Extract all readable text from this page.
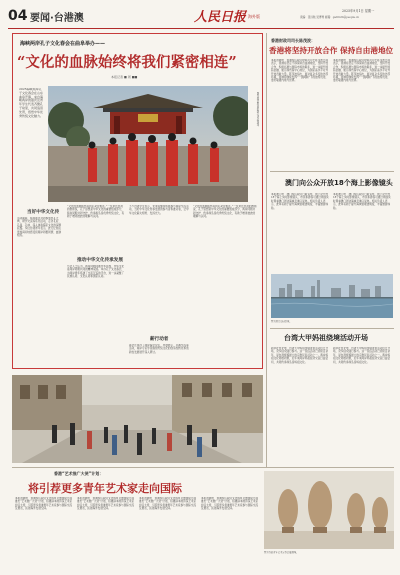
04 要闻·台港澳	人民日报 海外版
2025年9月1日 星期一
责编：张远航 吴博昂 邮箱：gatrmrb@people.cn
海峡两岸孔子文化春会在曲阜举办——
“文化的血脉始终将我们紧密相连”
本报记者 ■ 周 ■■
2025海峡两岸孔子文化春会在山东曲阜开幕，来自海峡两岸的嘉宾及青年学生代表齐聚孔子故里，共同追思先贤，感悟中华优秀传统文化魅力。	图为春会期间的祭孔活动现场。
当好中华文化传
活动期间，两岸嘉宾共同参加祭孔大典、研学交流等系列活动，走访孔府、孔庙、孔林，深入体验儒家文化的深厚底蕴。多位台湾青年表示，此行让他们更加真切地感受到两岸同根同源、血脉相连。
“文化的血脉始终将我们紧密相连。”一位来自台湾的教师说，孔子思想是中华文化的重要组成部分，两岸同胞共同守护、传承和弘扬优秀传统文化，有助于增进彼此的理解与认同。
推动中华文化传承发展
与会人士认为，两岸同胞同属中华民族，中华文化是两岸同胞共同的精神家园。举办孔子文化春会，为两岸青年搭建了交流互鉴的平台，进一步凝聚了民族认同、文化认同和国家认同。
不少台湾学生表示，未来将继续积极参与两岸交流活动，当好中华文化传承发展的参与者和推动者，让中华文化薪火相传、发扬光大。
薪行动者
春会还举办了两岸儒学论坛、非遗展示、书画交流等活动，两岸专家学者围绕传统文化的创造性转化和创新性发展展开深入研讨。
“文化的血脉始终将我们紧密相连。”一位来自台湾的教师说，孔子思想是中华文化的重要组成部分，两岸同胞共同守护、传承和弘扬优秀传统文化，有助于增进彼此的理解与认同。
香港财政司司长陈茂波：
香港将坚持开放合作 保持自由港地位
本报香港电　香港特区政府财政司司长陈茂波日前表示，香港将坚定不移保持自由港地位，坚持开放合作，积极拓展与国际市场的联系，进一步提升国际金融、航运和贸易中心地位，为国家高水平对外开放贡献力量。陈茂波指出，面对复杂多变的外部环境，香港将继续发挥“一国两制”下的独特优势，更好联通内地与世界。
本报香港电　香港特区政府财政司司长陈茂波日前表示，香港将坚定不移保持自由港地位，坚持开放合作，积极拓展与国际市场的联系，进一步提升国际金融、航运和贸易中心地位，为国家高水平对外开放贡献力量。陈茂波指出，面对复杂多变的外部环境，香港将继续发挥“一国两制”下的独特优势，更好联通内地与世界。
澳门向公众开放18个海上影像镜头
本报澳门电　澳门特区政府日前宣布，向公众开放18个海上实时影像镜头，市民和游客可通过网络实时观看澳门周边海域及港口景象。相关负责人表示，此举有助于提升海域管理透明度，丰富旅游体验。
本报澳门电　澳门特区政府日前宣布，向公众开放18个海上实时影像镜头，市民和游客可通过网络实时观看澳门周边海域及港口景象。相关负责人表示，此举有助于提升海域管理透明度，丰富旅游体验。
图为澳门海域景象。
台湾大甲妈祖绕境活动开场
新华社台北电　台湾大甲妈祖绕境进香活动近日开场，众多信众随行参与。这一民俗活动已延续百余年，是台湾规模最大的宗教民俗活动之一。两岸妈祖文化同根同源，近年来两岸妈祖信众交流日益密切，共同传承和弘扬妈祖文化。
新华社台北电　台湾大甲妈祖绕境进香活动近日开场，众多信众随行参与。这一民俗活动已延续百余年，是台湾规模最大的宗教民俗活动之一。两岸妈祖文化同根同源，近年来两岸妈祖信众交流日益密切，共同传承和弘扬妈祖文化。
香港“艺术推广大使”计划：
将引荐更多青年艺术家走向国际
本报香港电　香港特区政府文化体育及旅游局日前推出“艺术推广大使”计划，将邀请本地资深艺术家担任大使，引荐更多香港青年艺术家参与国际交流及展览，拓展海外发展空间。
本报香港电　香港特区政府文化体育及旅游局日前推出“艺术推广大使”计划，将邀请本地资深艺术家担任大使，引荐更多香港青年艺术家参与国际交流及展览，拓展海外发展空间。
本报香港电　香港特区政府文化体育及旅游局日前推出“艺术推广大使”计划，将邀请本地资深艺术家担任大使，引荐更多香港青年艺术家参与国际交流及展览，拓展海外发展空间。
本报香港电　香港特区政府文化体育及旅游局日前推出“艺术推广大使”计划，将邀请本地资深艺术家担任大使，引荐更多香港青年艺术家参与国际交流及展览，拓展海外发展空间。
图为香港青年艺术家作品展现场。
